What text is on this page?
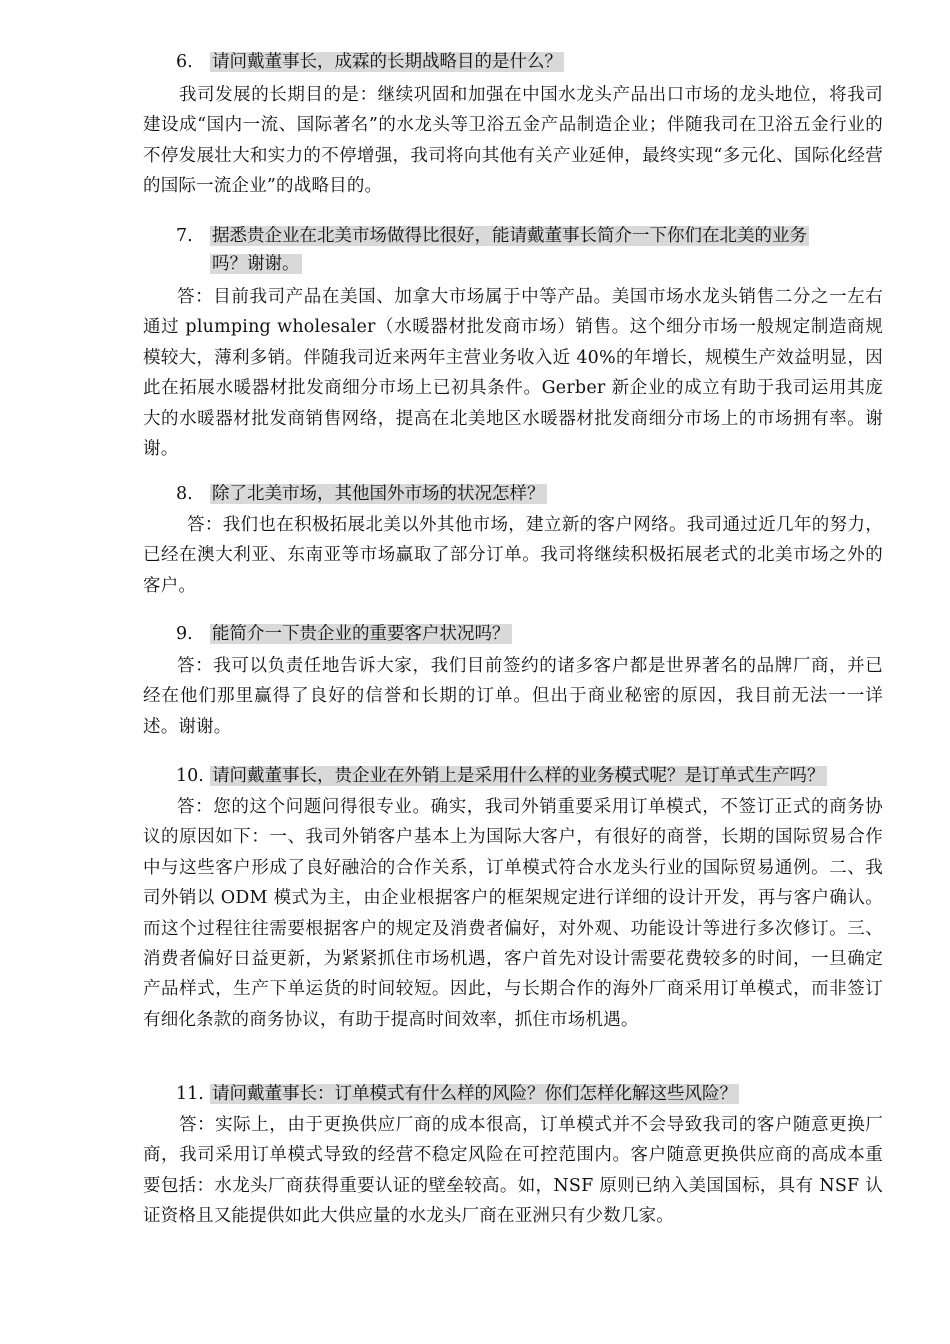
6. 请问戴董事长，成霖的长期战略目的是什么？

我司发展的长期目的是：继续巩固和加强在中国水龙头产品出口市场的龙头地位，将我司建设成“国内一流、国际著名”的水龙头等卫浴五金产品制造企业；伴随我司在卫浴五金行业的不停发展壮大和实力的不停增强，我司将向其他有关产业延伸，最终实现“多元化、国际化经营的国际一流企业”的战略目的。

7. 据悉贵企业在北美市场做得比很好，能请戴董事长简介一下你们在北美的业务
吗？谢谢。

答：目前我司产品在美国、加拿大市场属于中等产品。美国市场水龙头销售二分之一左右通过 plumping wholesaler（水暖器材批发商市场）销售。这个细分市场一般规定制造商规模较大，薄利多销。伴随我司近来两年主营业务收入近 40%的年增长，规模生产效益明显，因此在拓展水暖器材批发商细分市场上已初具条件。Gerber 新企业的成立有助于我司运用其庞大的水暖器材批发商销售网络，提高在北美地区水暖器材批发商细分市场上的市场拥有率。谢谢。

8. 除了北美市场，其他国外市场的状况怎样？

答：我们也在积极拓展北美以外其他市场，建立新的客户网络。我司通过近几年的努力，已经在澳大利亚、东南亚等市场赢取了部分订单。我司将继续积极拓展老式的北美市场之外的客户。

9. 能简介一下贵企业的重要客户状况吗？

答：我可以负责任地告诉大家，我们目前签约的诸多客户都是世界著名的品牌厂商，并已经在他们那里赢得了良好的信誉和长期的订单。但出于商业秘密的原因，我目前无法一一详述。谢谢。

10. 请问戴董事长，贵企业在外销上是采用什么样的业务模式呢？是订单式生产吗？

答：您的这个问题问得很专业。确实，我司外销重要采用订单模式，不签订正式的商务协议的原因如下：一、我司外销客户基本上为国际大客户，有很好的商誉，长期的国际贸易合作中与这些客户形成了良好融洽的合作关系，订单模式符合水龙头行业的国际贸易通例。二、我司外销以 ODM 模式为主，由企业根据客户的框架规定进行详细的设计开发，再与客户确认。而这个过程往往需要根据客户的规定及消费者偏好，对外观、功能设计等进行多次修订。三、消费者偏好日益更新，为紧紧抓住市场机遇，客户首先对设计需要花费较多的时间，一旦确定产品样式，生产下单运货的时间较短。因此，与长期合作的海外厂商采用订单模式，而非签订有细化条款的商务协议，有助于提高时间效率，抓住市场机遇。

11. 请问戴董事长：订单模式有什么样的风险？你们怎样化解这些风险？

答：实际上，由于更换供应厂商的成本很高，订单模式并不会导致我司的客户随意更换厂商，我司采用订单模式导致的经营不稳定风险在可控范围内。客户随意更换供应商的高成本重要包括：水龙头厂商获得重要认证的壁垒较高。如，NSF 原则已纳入美国国标，具有 NSF 认证资格且又能提供如此大供应量的水龙头厂商在亚洲只有少数几家。
